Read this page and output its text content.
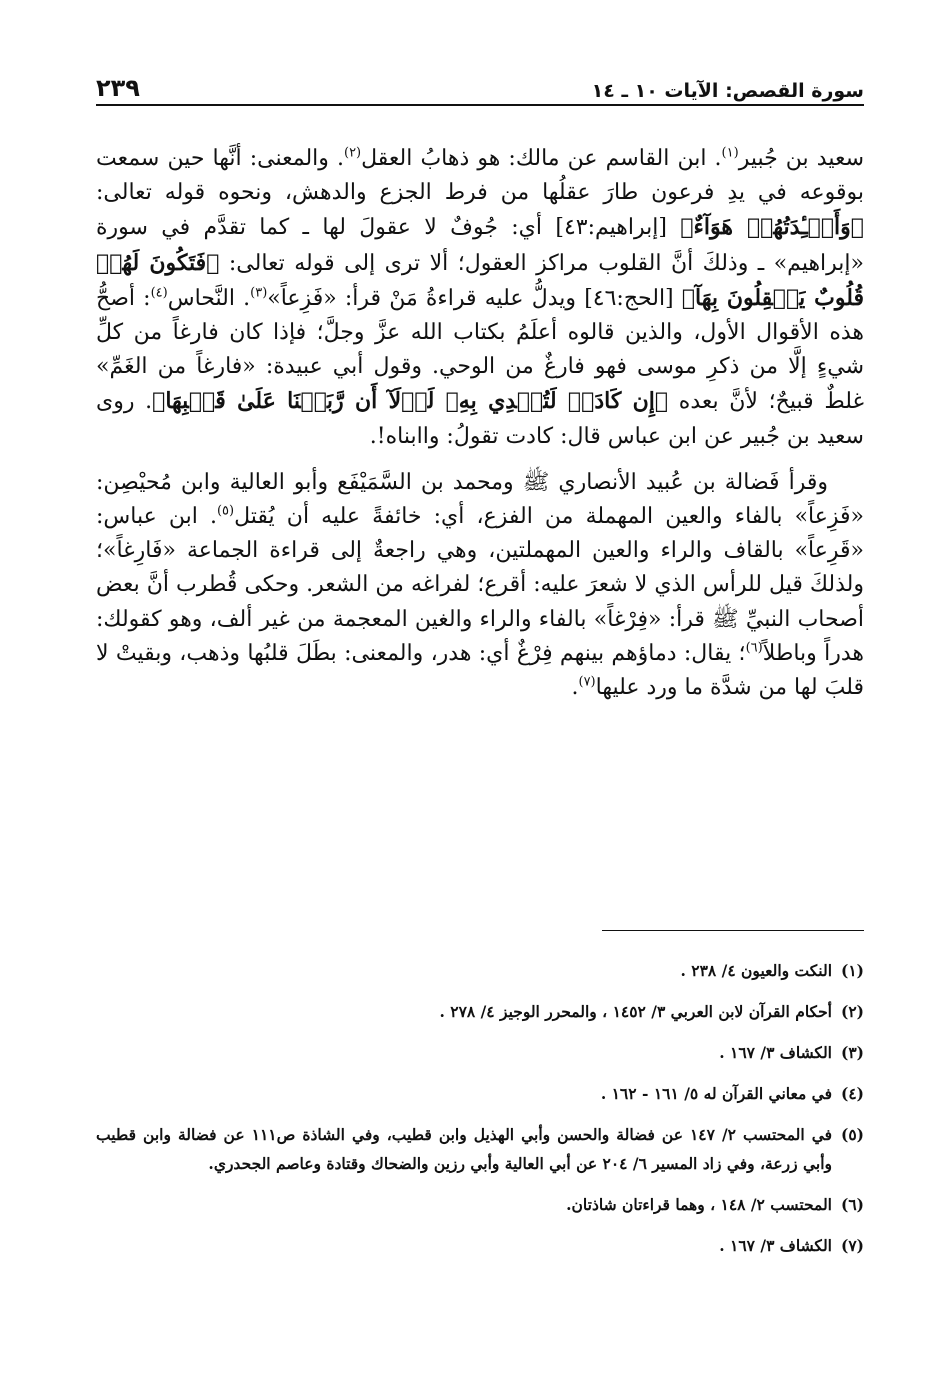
سورة القصص: الآيات ١٠ ـ ١٤
٢٣٩

سعيد بن جُبير$^{(١)}$. ابن القاسم عن مالك: هو ذهابُ العقل$^{(٢)}$. والمعنى: أنَّها حين سمعت بوقوعه في يدِ فرعون طارَ عقلُها من فرط الجزع والدهش، ونحوه قوله تعالى: ﴿وَأَفۡـِٔدَتُهُمۡ هَوَآءٌ﴾ [إبراهيم:٤٣] أي: جُوفٌ لا عقولَ لها ـ كما تقدَّم في سورة «إبراهيم» ـ وذلكَ أنَّ القلوب مراكز العقول؛ ألا ترى إلى قوله تعالى: ﴿فَتَكُونَ لَهُمۡ قُلُوبٌ يَعۡقِلُونَ بِهَآ﴾ [الحج:٤٦] ويدلُّ عليه قراءةُ مَنْ قرأ: «فَزِعاً»$^{(٣)}$. النَّحاس$^{(٤)}$: أصحُّ هذه الأقوال الأول، والذين قالوه أعلَمُ بكتاب الله عزَّ وجلَّ؛ فإذا كان فارغاً من كلِّ شيءٍ إلَّا من ذكرِ موسى فهو فارغٌ من الوحي. وقول أبي عبيدة: «فارغاً من الغَمِّ» غلطٌ قبيحٌ؛ لأنَّ بعده ﴿إِن كَادَتۡ لَتُبۡدِي بِهِۦ لَوۡلَآ أَن رَّبَطۡنَا عَلَىٰ قَلۡبِهَا﴾. روى سعيد بن جُبير عن ابن عباس قال: كادت تقولُ: واابناه!.

وقرأ فَضالة بن عُبيد الأنصاري ﷺ ومحمد بن السَّمَيْفَع وأبو العالية وابن مُحيْصِن: «فَزِعاً» بالفاء والعين المهملة من الفزع، أي: خائفةً عليه أن يُقتل$^{(٥)}$. ابن عباس: «قَرِعاً» بالقاف والراء والعين المهملتين، وهي راجعةٌ إلى قراءة الجماعة «فَارِغاً»؛ ولذلكَ قيل للرأس الذي لا شعرَ عليه: أقرع؛ لفراغه من الشعر. وحكى قُطرب أنَّ بعض أصحاب النبيِّ ﷺ قرأ: «فِرْغاً» بالفاء والراء والغين المعجمة من غير ألف، وهو كقولك: هدراً وباطلاً$^{(٦)}$؛ يقال: دماؤهم بينهم فِرْغٌ أي: هدر، والمعنى: بطَلَ قلبُها وذهب، وبقيتْ لا قلبَ لها من شدَّة ما ورد عليها$^{(٧)}$.

(١)
النكت والعيون ٤/ ٢٣٨ .
(٢)
أحكام القرآن لابن العربي ٣/ ١٤٥٢ ، والمحرر الوجيز ٤/ ٢٧٨ .
(٣)
الكشاف ٣/ ١٦٧ .
(٤)
في معاني القرآن له ٥/ ١٦١ - ١٦٢ .
(٥)
في المحتسب ٢/ ١٤٧ عن فضالة والحسن وأبي الهذيل وابن قطيب، وفي الشاذة ص١١١ عن فضالة وابن قطيب وأبي زرعة، وفي زاد المسير ٦/ ٢٠٤ عن أبي العالية وأبي رزين والضحاك وقتادة وعاصم الجحدري.
(٦)
المحتسب ٢/ ١٤٨ ، وهما قراءتان شاذتان.
(٧)
الكشاف ٣/ ١٦٧ .
